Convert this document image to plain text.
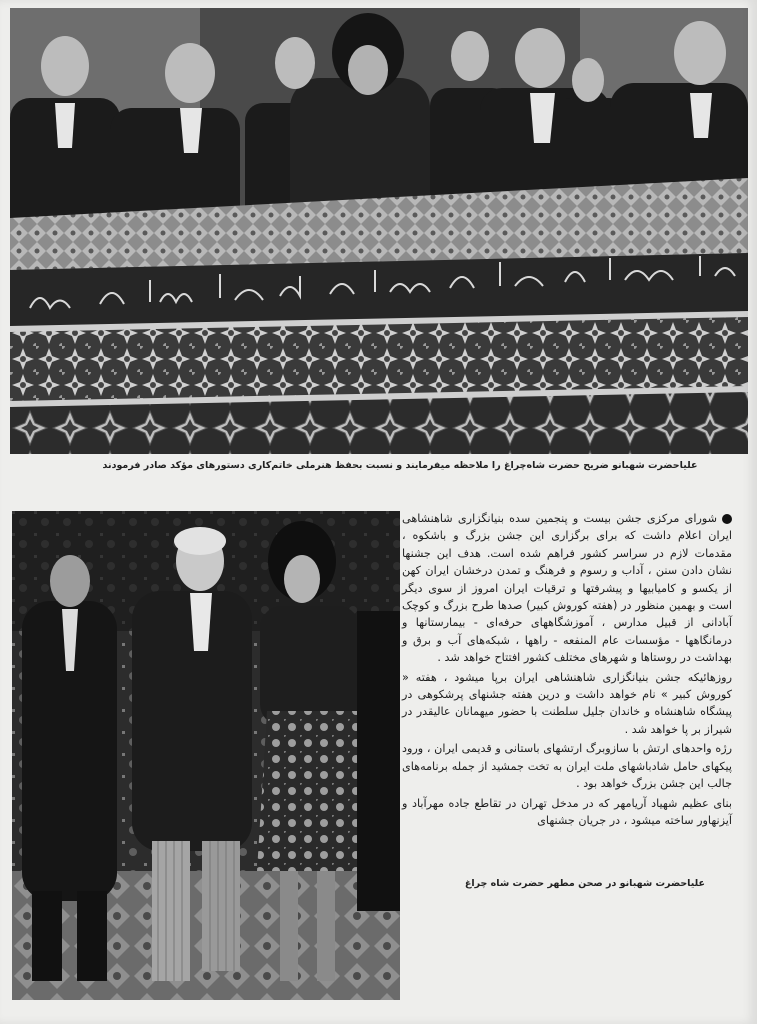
علیاحضرت شهبانو ضریح حضرت شاه‌چراغ را ملاحظه میفرمایند و نسبت بحفظ هنرملی خاتم‌کاری دستورهای مؤکد صادر فرمودند

شورای مرکزی جشن بیست و پنجمین سده بنیانگزاری شاهنشاهی ایران اعلام داشت که برای برگزاری این جشن بزرگ و باشکوه ، مقدمات لازم در سراسر کشور فراهم شده است. هدف این جشنها نشان دادن سنن ، آداب و رسوم و فرهنگ و تمدن درخشان ایران کهن از یکسو و کامیابیها و پیشرفتها و ترقیات ایران امروز از سوی دیگر است و بهمین منظور در (هفته کوروش کبیر) صدها طرح بزرگ و کوچک آبادانی از قبیل مدارس ، آموزشگاههای حرفه‌ای - بیمارستانها و درمانگاهها - مؤسسات عام المنفعه - راهها ، شبکه‌های آب و برق و بهداشت در روستاها و شهرهای مختلف کشور افتتاح خواهد شد .

روزهائیکه جشن بنیانگزاری شاهنشاهی ایران برپا میشود ، هفته « کوروش کبیر » نام خواهد داشت و درین هفته جشنهای پرشکوهی در پیشگاه شاهنشاه و خاندان جلیل سلطنت با حضور میهمانان عالیقدر در شیراز بر پا خواهد شد .

رژه واحدهای ارتش با سازوبرگ ارتشهای باستانی و قدیمی ایران ، ورود پیکهای حامل شادباشهای ملت ایران به تخت جمشید از جمله برنامه‌های جالب این جشن بزرگ خواهد بود .

بنای عظیم شهیاد آریامهر که در مدخل تهران در تقاطع جاده مهرآباد و آیزنهاور ساخته میشود ، در جریان جشنهای

علیاحضرت شهبانو در صحن مطهر حضرت شاه چراغ
